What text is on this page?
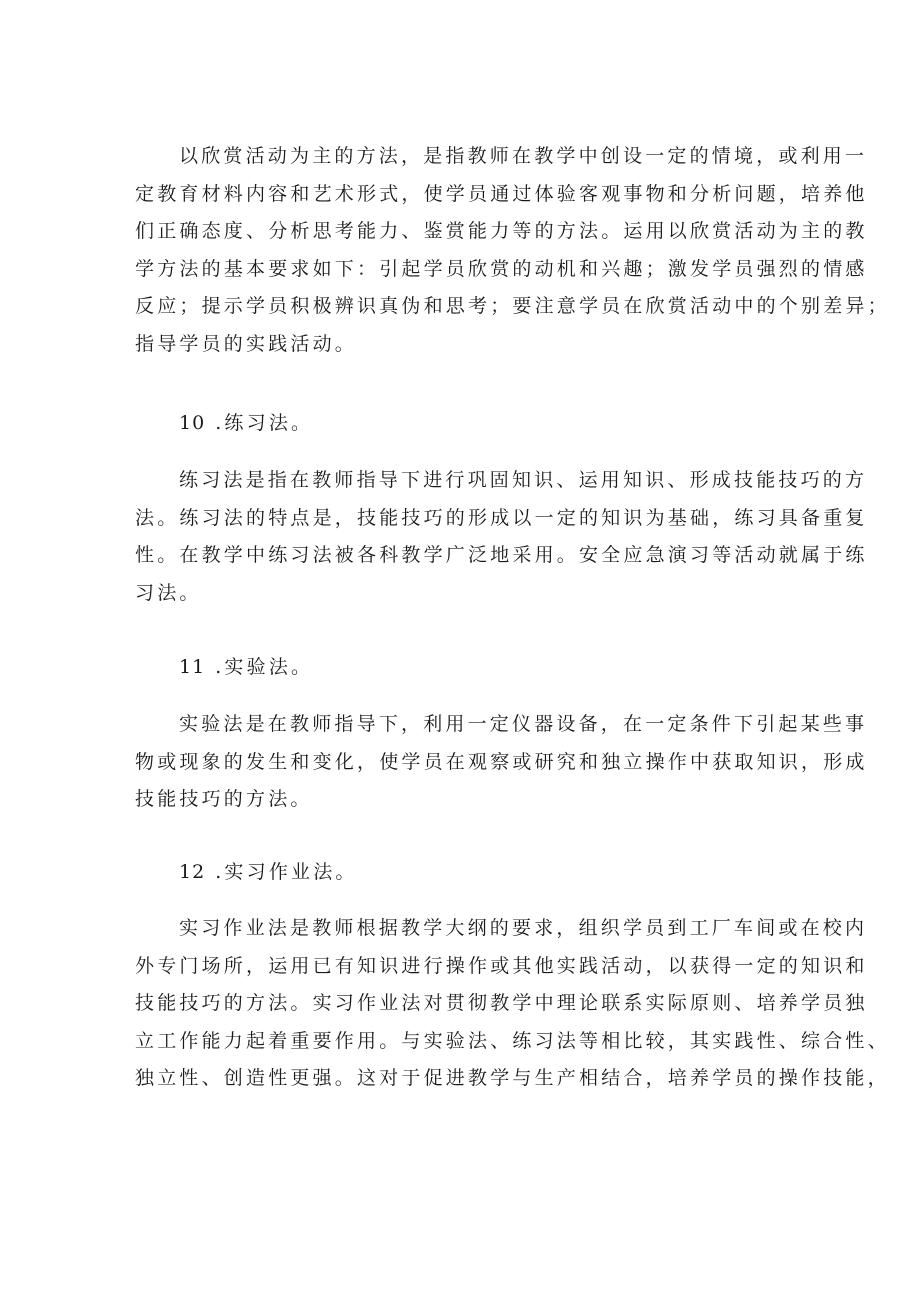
以欣赏活动为主的方法，是指教师在教学中创设一定的情境，或利用一
定教育材料内容和艺术形式，使学员通过体验客观事物和分析问题，培养他
们正确态度、分析思考能力、鉴赏能力等的方法。运用以欣赏活动为主的教
学方法的基本要求如下：引起学员欣赏的动机和兴趣；激发学员强烈的情感
反应；提示学员积极辨识真伪和思考；要注意学员在欣赏活动中的个别差异；
指导学员的实践活动。
10 .练习法。
练习法是指在教师指导下进行巩固知识、运用知识、形成技能技巧的方
法。练习法的特点是，技能技巧的形成以一定的知识为基础，练习具备重复
性。在教学中练习法被各科教学广泛地采用。安全应急演习等活动就属于练
习法。
11 .实验法。
实验法是在教师指导下，利用一定仪器设备，在一定条件下引起某些事
物或现象的发生和变化，使学员在观察或研究和独立操作中获取知识，形成
技能技巧的方法。
12 .实习作业法。
实习作业法是教师根据教学大纲的要求，组织学员到工厂车间或在校内
外专门场所，运用已有知识进行操作或其他实践活动，以获得一定的知识和
技能技巧的方法。实习作业法对贯彻教学中理论联系实际原则、培养学员独
立工作能力起着重要作用。与实验法、练习法等相比较，其实践性、综合性、
独立性、创造性更强。这对于促进教学与生产相结合，培养学员的操作技能，
